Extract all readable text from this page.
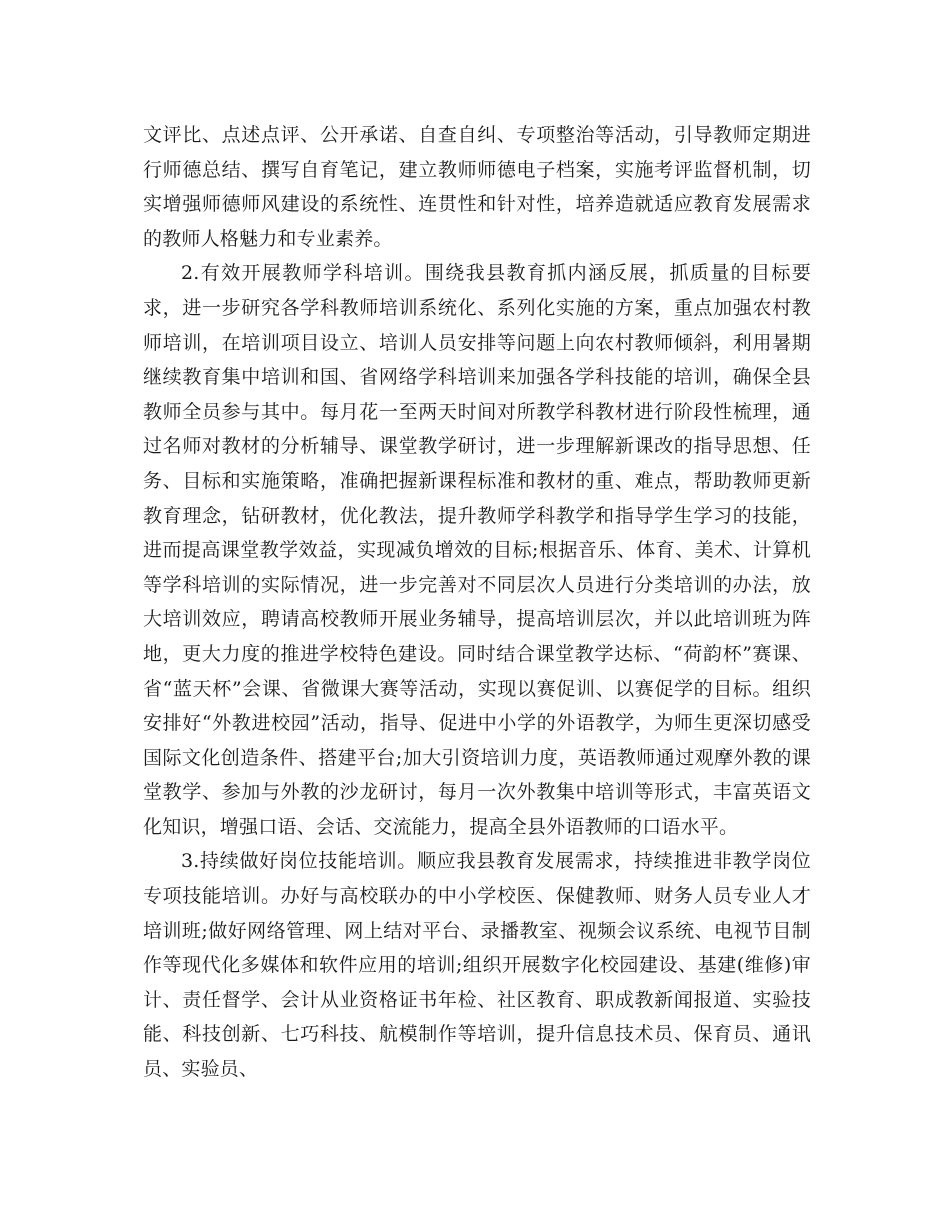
文评比、点述点评、公开承诺、自查自纠、专项整治等活动，引导教师定期进行师德总结、撰写自育笔记，建立教师师德电子档案，实施考评监督机制，切实增强师德师风建设的系统性、连贯性和针对性，培养造就适应教育发展需求的教师人格魅力和专业素养。

2.有效开展教师学科培训。围绕我县教育抓内涵反展，抓质量的目标要求，进一步研究各学科教师培训系统化、系列化实施的方案，重点加强农村教师培训，在培训项目设立、培训人员安排等问题上向农村教师倾斜，利用暑期继续教育集中培训和国、省网络学科培训来加强各学科技能的培训，确保全县教师全员参与其中。每月花一至两天时间对所教学科教材进行阶段性梳理，通过名师对教材的分析辅导、课堂教学研讨，进一步理解新课改的指导思想、任务、目标和实施策略，准确把握新课程标准和教材的重、难点，帮助教师更新教育理念，钻研教材，优化教法，提升教师学科教学和指导学生学习的技能，进而提高课堂教学效益，实现减负增效的目标;根据音乐、体育、美术、计算机等学科培训的实际情况，进一步完善对不同层次人员进行分类培训的办法，放大培训效应，聘请高校教师开展业务辅导，提高培训层次，并以此培训班为阵地，更大力度的推进学校特色建设。同时结合课堂教学达标、“荷韵杯”赛课、省“蓝天杯”会课、省微课大赛等活动，实现以赛促训、以赛促学的目标。组织安排好“外教进校园”活动，指导、促进中小学的外语教学，为师生更深切感受国际文化创造条件、搭建平台;加大引资培训力度，英语教师通过观摩外教的课堂教学、参加与外教的沙龙研讨，每月一次外教集中培训等形式，丰富英语文化知识，增强口语、会话、交流能力，提高全县外语教师的口语水平。

3.持续做好岗位技能培训。顺应我县教育发展需求，持续推进非教学岗位专项技能培训。办好与高校联办的中小学校医、保健教师、财务人员专业人才培训班;做好网络管理、网上结对平台、录播教室、视频会议系统、电视节目制作等现代化多媒体和软件应用的培训;组织开展数字化校园建设、基建(维修)审计、责任督学、会计从业资格证书年检、社区教育、职成教新闻报道、实验技能、科技创新、七巧科技、航模制作等培训，提升信息技术员、保育员、通讯员、实验员、
